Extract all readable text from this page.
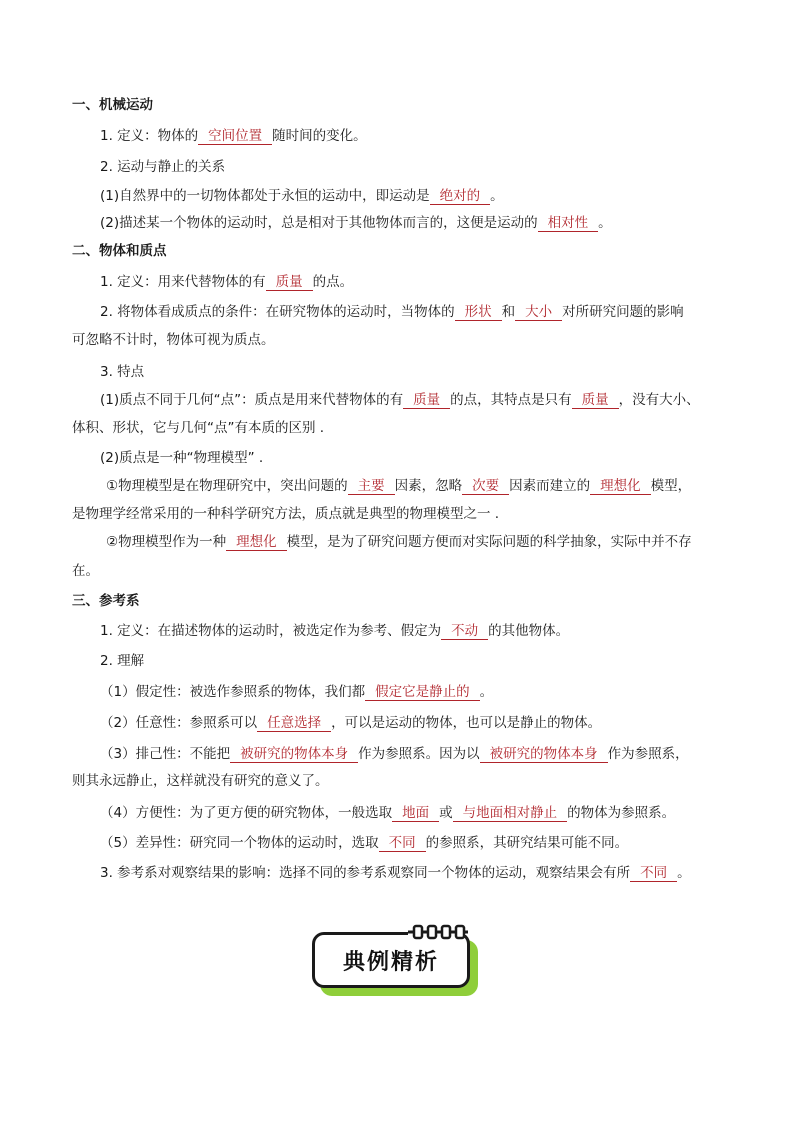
一、机械运动
1. 定义：物体的 空间位置 随时间的变化。
2. 运动与静止的关系
(1)自然界中的一切物体都处于永恒的运动中，即运动是 绝对的 。
(2)描述某一个物体的运动时，总是相对于其他物体而言的，这便是运动的 相对性 。
二、物体和质点
1. 定义：用来代替物体的有 质量 的点。
2. 将物体看成质点的条件：在研究物体的运动时，当物体的 形状 和 大小 对所研究问题的影响
可忽略不计时，物体可视为质点。
3. 特点
(1)质点不同于几何“点”：质点是用来代替物体的有 质量 的点，其特点是只有 质量 ，没有大小、
体积、形状，它与几何“点”有本质的区别 .
(2)质点是一种“物理模型” .
①物理模型是在物理研究中，突出问题的 主要 因素，忽略 次要 因素而建立的 理想化 模型，
是物理学经常采用的一种科学研究方法，质点就是典型的物理模型之一 .
②物理模型作为一种 理想化 模型，是为了研究问题方便而对实际问题的科学抽象，实际中并不存
在。
三、参考系
1. 定义：在描述物体的运动时，被选定作为参考、假定为 不动 的其他物体。
2. 理解
（1）假定性：被选作参照系的物体，我们都 假定它是静止的 。
（2）任意性：参照系可以 任意选择 ，可以是运动的物体，也可以是静止的物体。
（3）排己性：不能把 被研究的物体本身 作为参照系。因为以 被研究的物体本身 作为参照系，
则其永远静止，这样就没有研究的意义了。
（4）方便性：为了更方便的研究物体，一般选取 地面 或 与地面相对静止 的物体为参照系。
（5）差异性：研究同一个物体的运动时，选取 不同 的参照系，其研究结果可能不同。
3. 参考系对观察结果的影响：选择不同的参考系观察同一个物体的运动，观察结果会有所 不同 。
典例精析
